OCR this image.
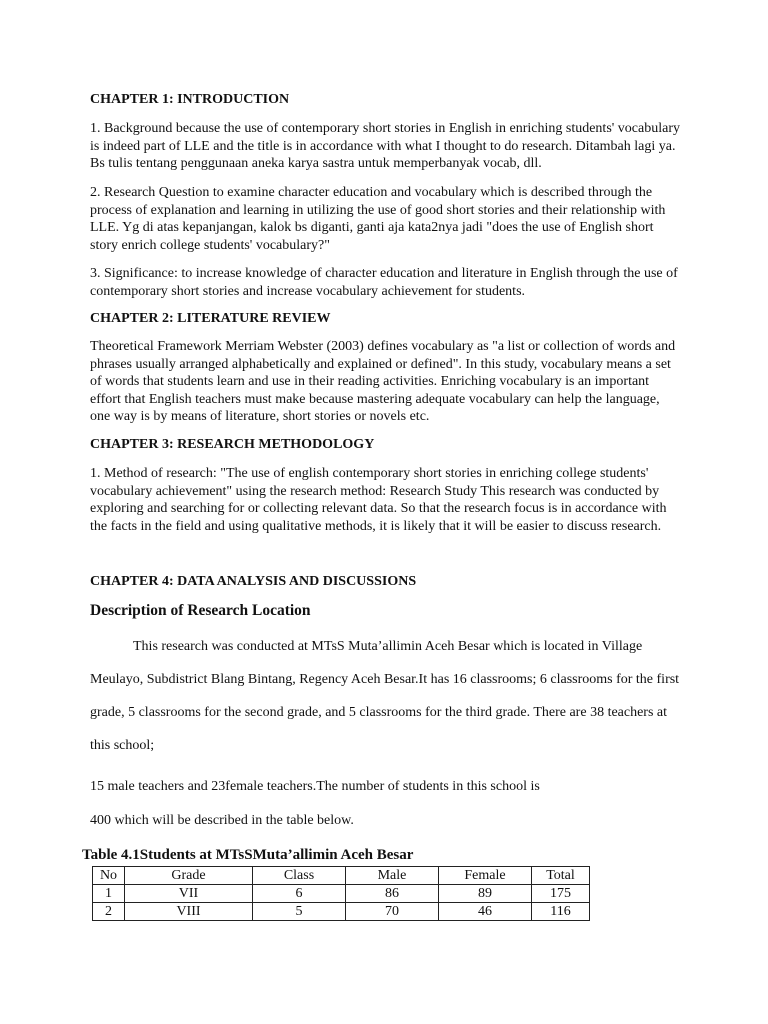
CHAPTER 1: INTRODUCTION

1. Background because the use of contemporary short stories in English in enriching students' vocabulary is indeed part of LLE and the title is in accordance with what I thought to do research. Ditambah lagi ya. Bs tulis tentang penggunaan aneka karya sastra untuk memperbanyak vocab, dll.

2. Research Question to examine character education and vocabulary which is described through the process of explanation and learning in utilizing the use of good short stories and their relationship with LLE. Yg di atas kepanjangan, kalok bs diganti, ganti aja kata2nya jadi "does the use of English short story enrich college students' vocabulary?"

3. Significance: to increase knowledge of character education and literature in English through the use of contemporary short stories and increase vocabulary achievement for students.

CHAPTER 2: LITERATURE REVIEW

Theoretical Framework Merriam Webster (2003) defines vocabulary as "a list or collection of words and phrases usually arranged alphabetically and explained or defined". In this study, vocabulary means a set of words that students learn and use in their reading activities. Enriching vocabulary is an important effort that English teachers must make because mastering adequate vocabulary can help the language, one way is by means of literature, short stories or novels etc.

CHAPTER 3: RESEARCH METHODOLOGY

1. Method of research: "The use of english contemporary short stories in enriching college students' vocabulary achievement" using the research method: Research Study This research was conducted by exploring and searching for or collecting relevant data. So that the research focus is in accordance with the facts in the field and using qualitative methods, it is likely that it will be easier to discuss research.

CHAPTER 4: DATA ANALYSIS AND DISCUSSIONS
Description of Research Location
This research was conducted at MTsS Muta’allimin Aceh Besar which is located in Village
Meulayo, Subdistrict Blang Bintang, Regency Aceh Besar.It has 16 classrooms; 6 classrooms for the first
grade, 5 classrooms for the second grade, and 5 classrooms for the third grade. There are 38 teachers at
this school;
15 male teachers and 23female teachers.The number of students in this school is
400 which will be described in the table below.
Table 4.1Students at MTsSMuta’allimin Aceh Besar
No	Grade	Class	Male	Female	Total
1	VII	6	86	89	175
2	VIII	5	70	46	116
